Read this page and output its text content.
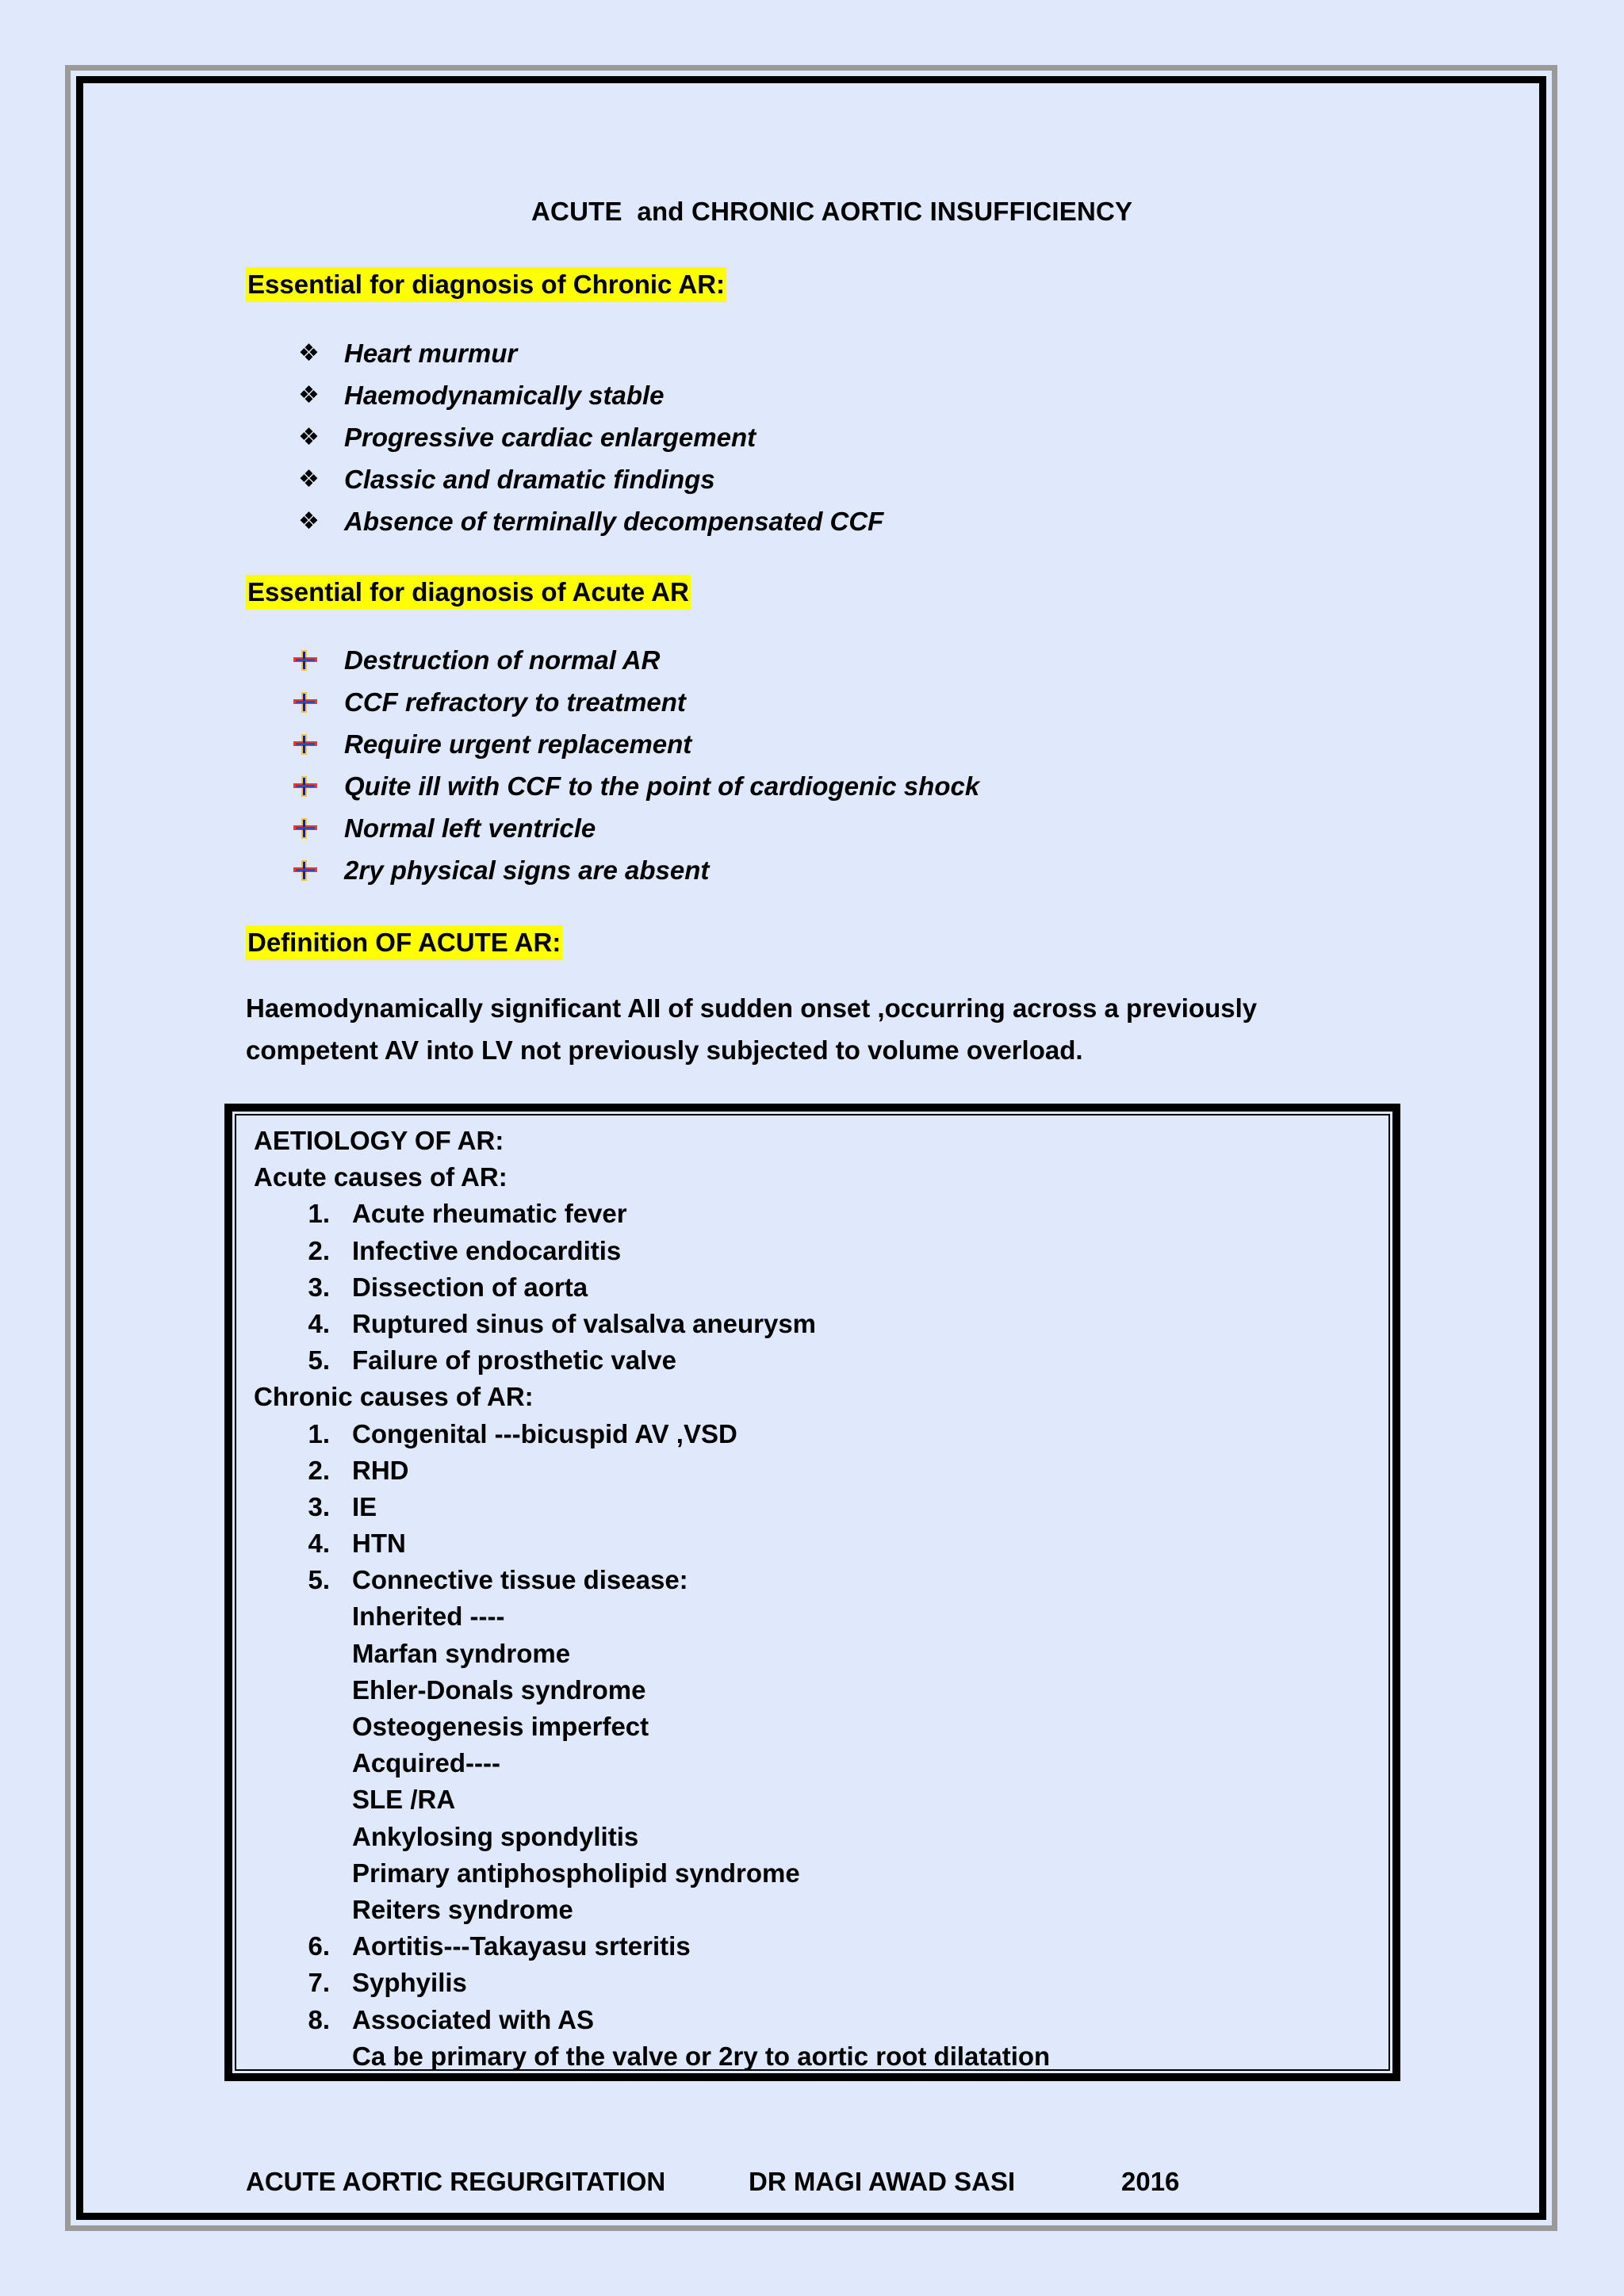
ACUTE  and CHRONIC AORTIC INSUFFICIENCY
Essential for diagnosis of Chronic AR:
❖ Heart murmur
❖ Haemodynamically stable
❖ Progressive cardiac enlargement
❖ Classic and dramatic findings
❖ Absence of terminally decompensated CCF
Essential for diagnosis of Acute AR
Destruction of normal AR
CCF refractory to treatment
Require urgent replacement
Quite ill with CCF to the point of cardiogenic shock
Normal left ventricle
2ry physical signs are absent
Definition OF ACUTE AR:
Haemodynamically significant AII of sudden onset ,occurring across a previously competent AV into LV not previously subjected to volume overload.
AETIOLOGY OF AR:
Acute causes of AR:
1. Acute rheumatic fever
2. Infective endocarditis
3. Dissection of aorta
4. Ruptured sinus of valsalva aneurysm
5. Failure of prosthetic valve
Chronic causes of AR:
1. Congenital ---bicuspid AV ,VSD
2. RHD
3. IE
4. HTN
5. Connective tissue disease:
Inherited ----
Marfan syndrome
Ehler-Donals syndrome
Osteogenesis imperfect
Acquired----
SLE /RA
Ankylosing spondylitis
Primary antiphospholipid syndrome
Reiters syndrome
6. Aortitis---Takayasu srteritis
7. Syphyilis
8. Associated with AS
Ca be primary of the valve or 2ry to aortic root dilatation
ACUTE AORTIC REGURGITATION	DR MAGI AWAD SASI	2016
